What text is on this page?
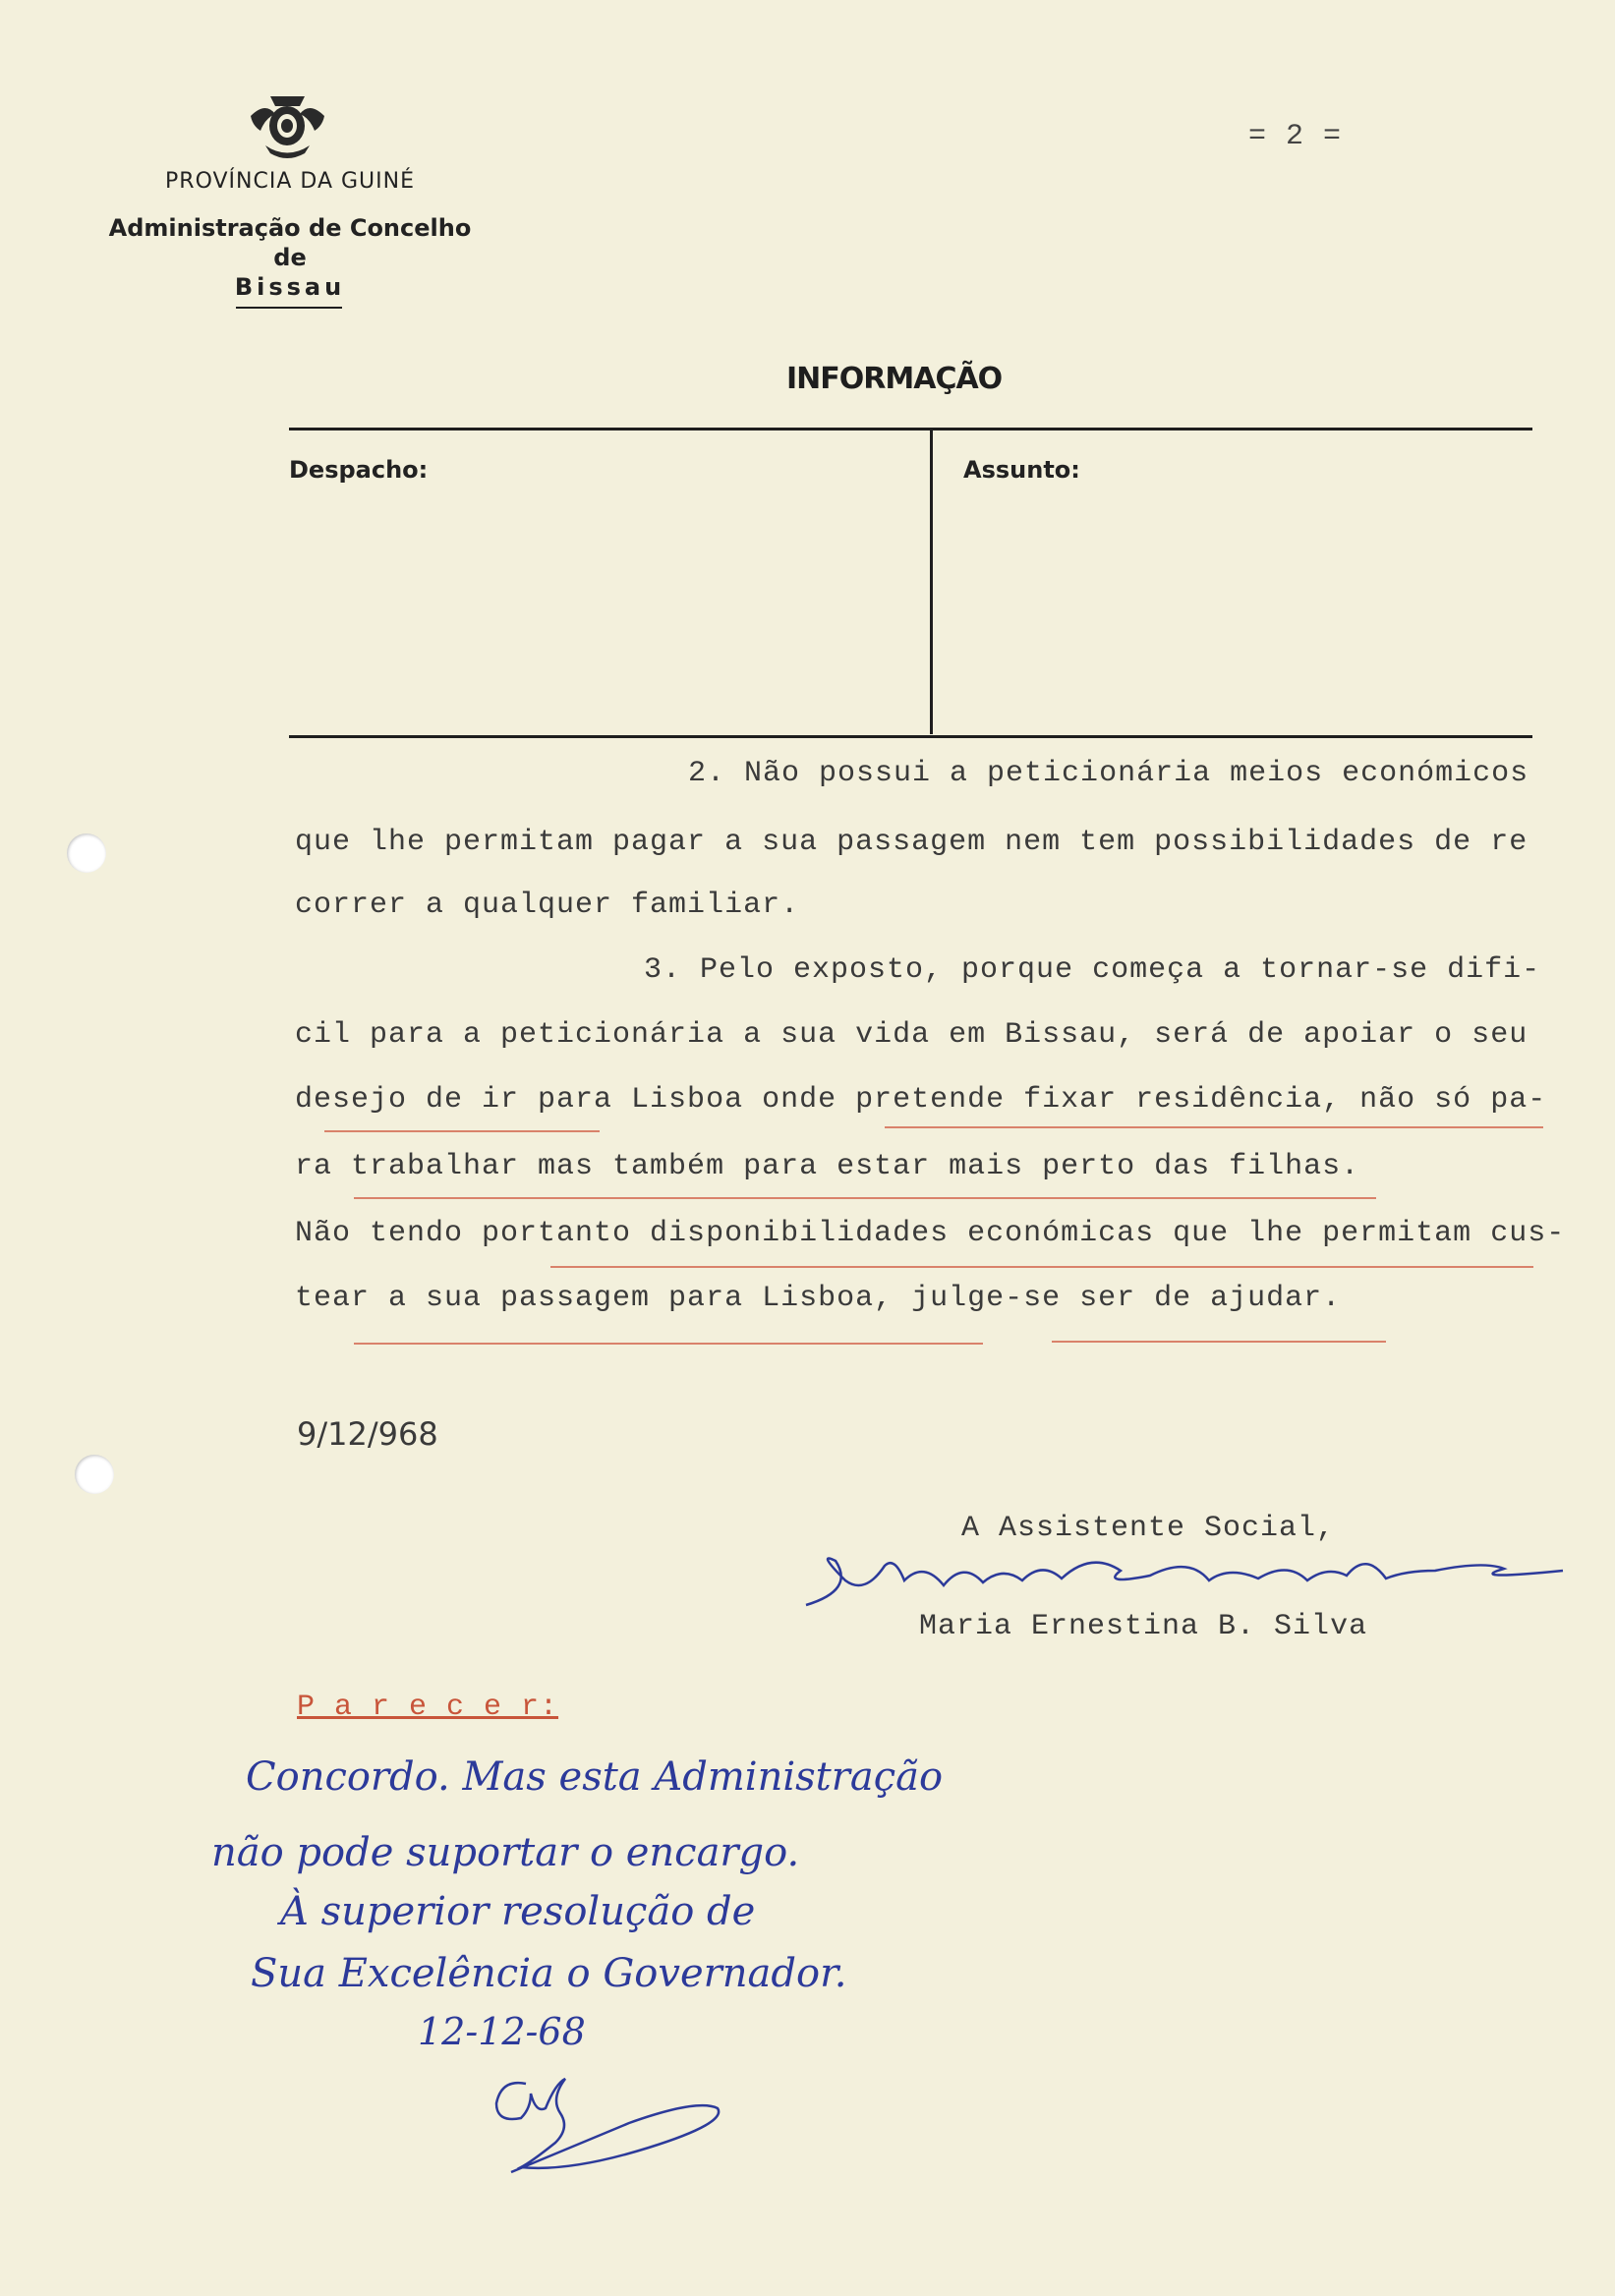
PROVÍNCIA DA GUINÉ
Administração de Concelho
de
Bissau
= 2 =
INFORMAÇÃO
Despacho:	Assunto:
2. Não possui a peticionária meios económicos
que lhe permitam pagar a sua passagem nem tem possibilidades de re
correr a qualquer familiar.
3. Pelo exposto, porque começa a tornar-se difi-
cil para a peticionária a sua vida em Bissau, será de apoiar o seu
desejo de ir para Lisboa onde pretende fixar residência, não só pa-
ra trabalhar mas também para estar mais perto das filhas.
Não tendo portanto disponibilidades económicas que lhe permitam cus-
tear a sua passagem para Lisboa, julge-se ser de ajudar.
9/12/968
A Assistente Social,
Maria Ernestina B. Silva
P a r e c e r:
Concordo. Mas esta Administração
não pode suportar o encargo.
À superior resolução de
Sua Excelência o Governador.
12-12-68
